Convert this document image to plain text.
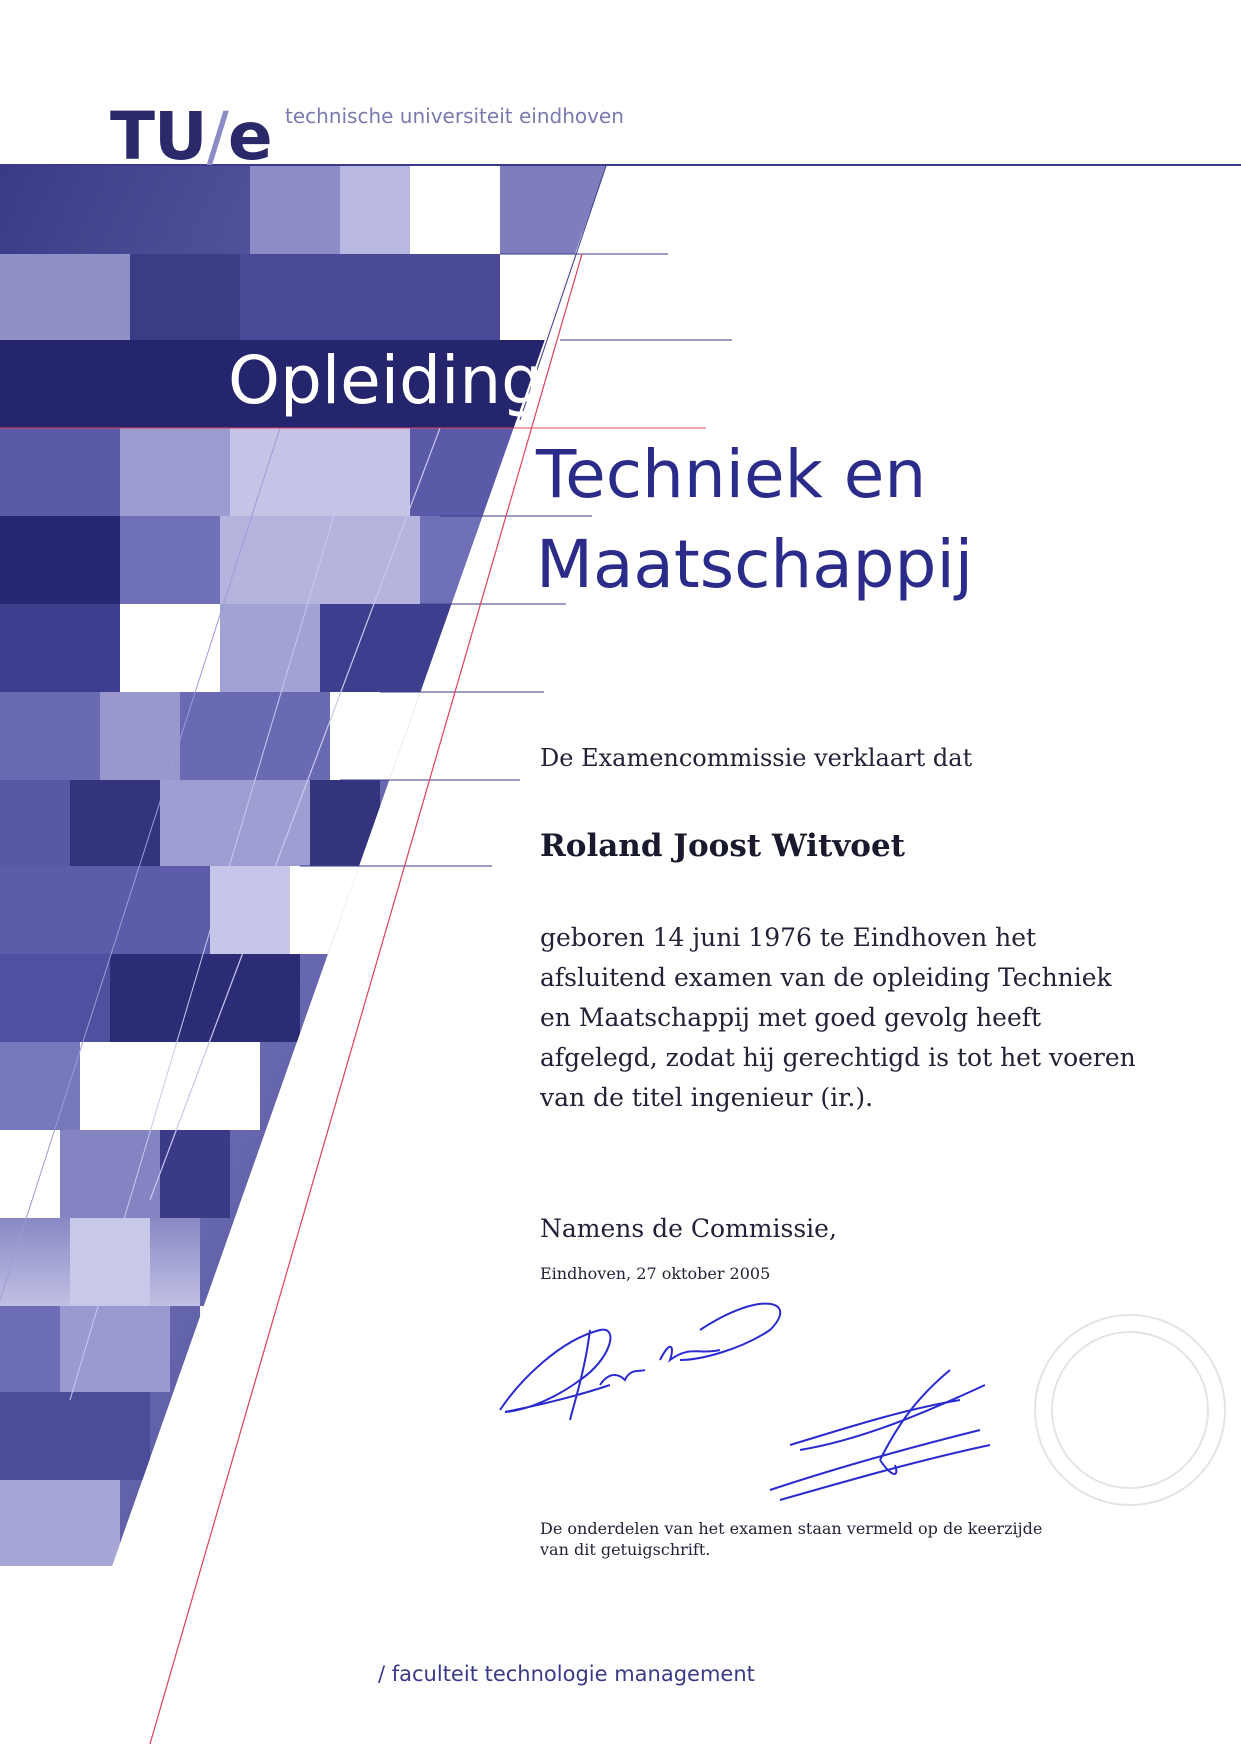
TU/e technische universiteit eindhoven
Opleiding
Techniek en
Maatschappij
De Examencommissie verklaart dat
Roland Joost Witvoet
geboren 14 juni 1976 te Eindhoven het
afsluitend examen van de opleiding Techniek
en Maatschappij met goed gevolg heeft
afgelegd, zodat hij gerechtigd is tot het voeren
van de titel ingenieur (ir.).
Namens de Commissie,
Eindhoven, 27 oktober 2005
De onderdelen van het examen staan vermeld op de keerzijde
van dit getuigschrift.
/ faculteit technologie management
